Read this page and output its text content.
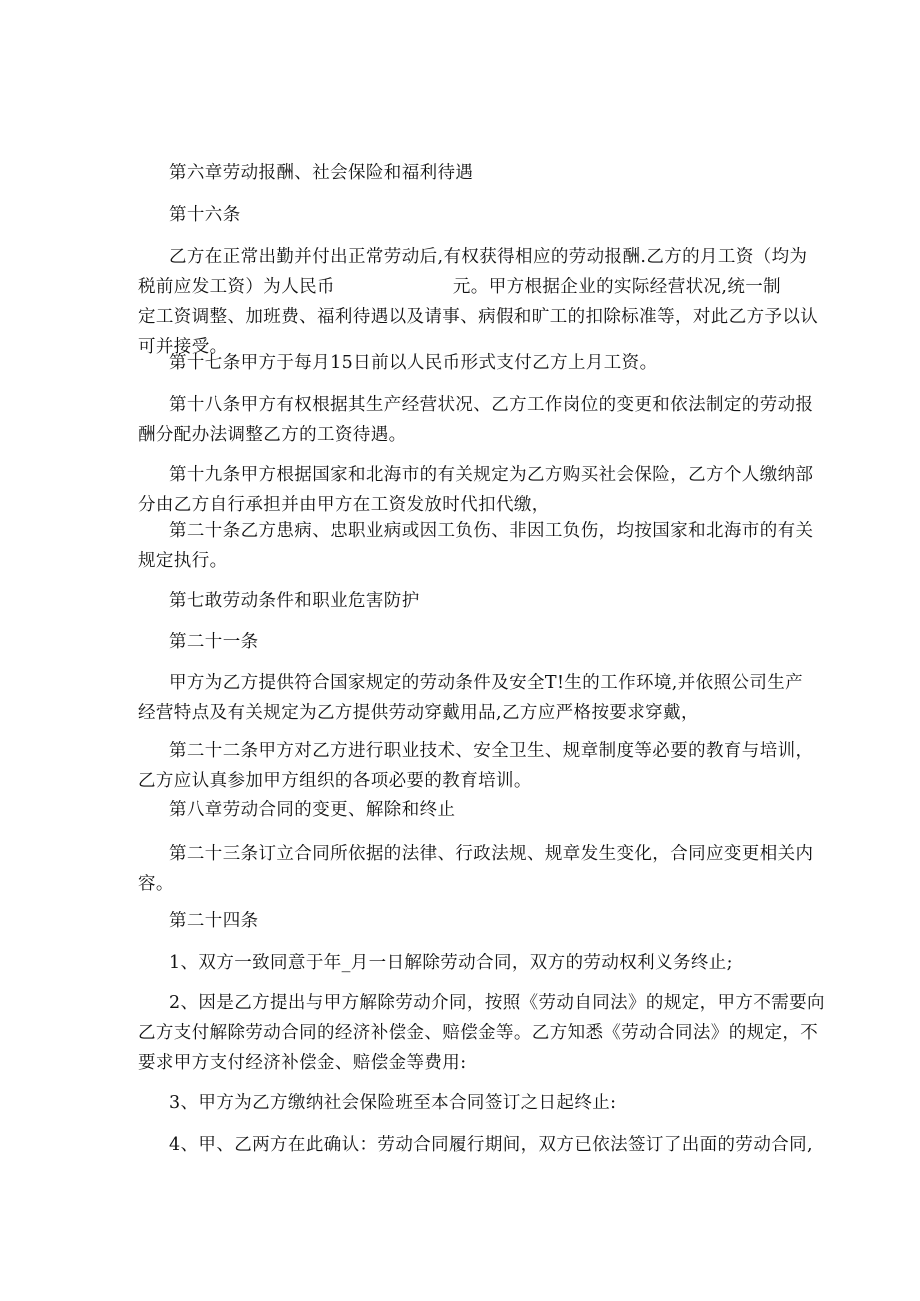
第六章劳动报酬、社会保险和福利待遇
第十六条
乙方在正常出勤并付出正常劳动后,有权获得相应的劳动报酬.乙方的月工资（均为
税前应发工资）为人民币	元。甲方根据企业的实际经营状况,统一制
定工资调整、加班费、福利待遇以及请事、病假和旷工的扣除标准等，对此乙方予以认
可并接受。
第十七条甲方于每月15日前以人民币形式支付乙方上月工资。
第十八条甲方有权根据其生产经营状况、乙方工作岗位的变更和依法制定的劳动报
酬分配办法调整乙方的工资待遇。
第十九条甲方根据国家和北海市的有关规定为乙方购买社会保险，乙方个人缴纳部
分由乙方自行承担并由甲方在工资发放时代扣代缴，
第二十条乙方患病、忠职业病或因工负伤、非因工负伤，均按国家和北海市的有关
规定执行。
第七敢劳动条件和职业危害防护
第二十一条
甲方为乙方提供符合国家规定的劳动条件及安全T!生的工作环境,并依照公司生产
经营特点及有关规定为乙方提供劳动穿戴用品,乙方应严格按要求穿戴，
第二十二条甲方对乙方进行职业技术、安全卫生、规章制度等必要的教育与培训，
乙方应认真参加甲方组织的各项必要的教育培训。
第八章劳动合同的变更、解除和终止
第二十三条订立合同所依据的法律、行政法规、规章发生变化，合同应变更相关内
容。
第二十四条
1、双方一致同意于年_月一日解除劳动合同，双方的劳动权利义务终止;
2、因是乙方提出与甲方解除劳动介同，按照《劳动自同法》的规定，甲方不需要向
乙方支付解除劳动合同的经济补偿金、赔偿金等。乙方知悉《劳动合同法》的规定，不
要求甲方支付经济补偿金、赔偿金等费用:
3、甲方为乙方缴纳社会保险班至本合同签订之日起终止:
4、甲、乙两方在此确认：劳动合同履行期间，双方已依法签订了出面的劳动合同,
